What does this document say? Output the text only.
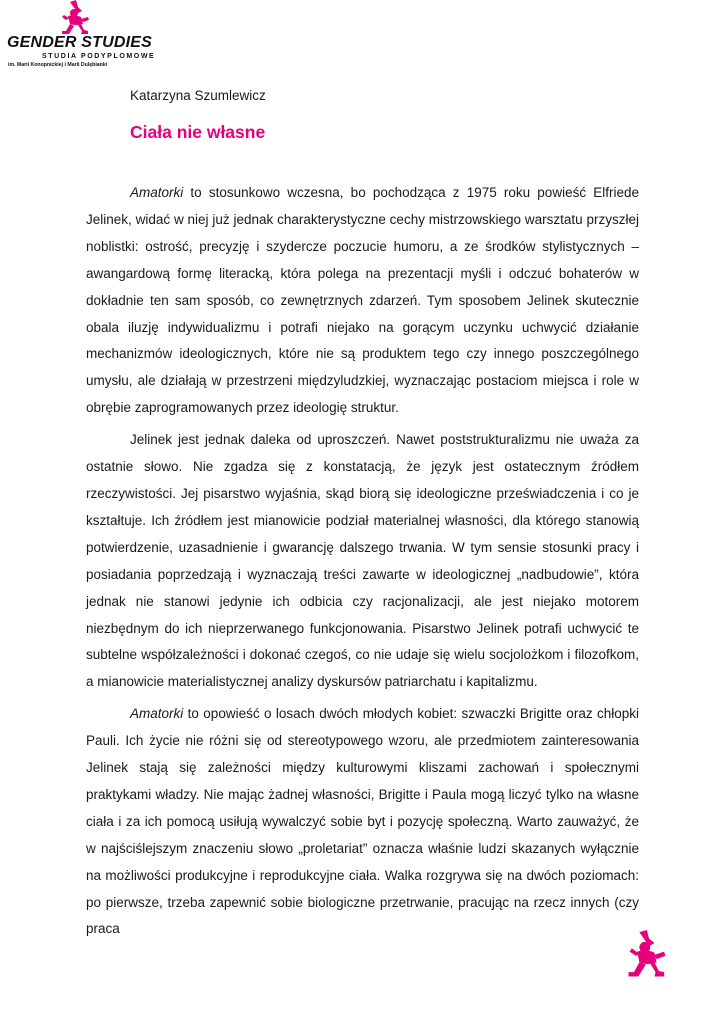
GENDER STUDIES
STUDIA PODYPLOMOWE
im. Marii Konopnickiej i Marii Dulębianki
Katarzyna Szumlewicz
Ciała nie własne

Amatorki to stosunkowo wczesna, bo pochodząca z 1975 roku powieść Elfriede Jelinek, widać w niej już jednak charakterystyczne cechy mistrzowskiego warsztatu przyszłej noblistki: ostrość, precyzję i szydercze poczucie humoru, a ze środków stylistycznych – awangardową formę literacką, która polega na prezentacji myśli i odczuć bohaterów w dokładnie ten sam sposób, co zewnętrznych zdarzeń. Tym sposobem Jelinek skutecznie obala iluzję indywidualizmu i potrafi niejako na gorącym uczynku uchwycić działanie mechanizmów ideologicznych, które nie są produktem tego czy innego poszczególnego umysłu, ale działają w przestrzeni międzyludzkiej, wyznaczając postaciom miejsca i role w obrębie zaprogramowanych przez ideologię struktur.

Jelinek jest jednak daleka od uproszczeń. Nawet poststrukturalizmu nie uważa za ostatnie słowo. Nie zgadza się z konstatacją, że język jest ostatecznym źródłem rzeczywistości. Jej pisarstwo wyjaśnia, skąd biorą się ideologiczne przeświadczenia i co je kształtuje. Ich źródłem jest mianowicie podział materialnej własności, dla którego stanowią potwierdzenie, uzasadnienie i gwarancję dalszego trwania. W tym sensie stosunki pracy i posiadania poprzedzają i wyznaczają treści zawarte w ideologicznej „nadbudowie”, która jednak nie stanowi jedynie ich odbicia czy racjonalizacji, ale jest niejako motorem niezbędnym do ich nieprzerwanego funkcjonowania. Pisarstwo Jelinek potrafi uchwycić te subtelne współzależności i dokonać czegoś, co nie udaje się wielu socjolożkom i filozofkom, a mianowicie materialistycznej analizy dyskursów patriarchatu i kapitalizmu.

Amatorki to opowieść o losach dwóch młodych kobiet: szwaczki Brigitte oraz chłopki Pauli. Ich życie nie różni się od stereotypowego wzoru, ale przedmiotem zainteresowania Jelinek stają się zależności między kulturowymi kliszami zachowań i społecznymi praktykami władzy. Nie mając żadnej własności, Brigitte i Paula mogą liczyć tylko na własne ciała i za ich pomocą usiłują wywalczyć sobie byt i pozycję społeczną. Warto zauważyć, że w najściślejszym znaczeniu słowo „proletariat” oznacza właśnie ludzi skazanych wyłącznie na możliwości produkcyjne i reprodukcyjne ciała. Walka rozgrywa się na dwóch poziomach: po pierwsze, trzeba zapewnić sobie biologiczne przetrwanie, pracując na rzecz innych (czy praca
